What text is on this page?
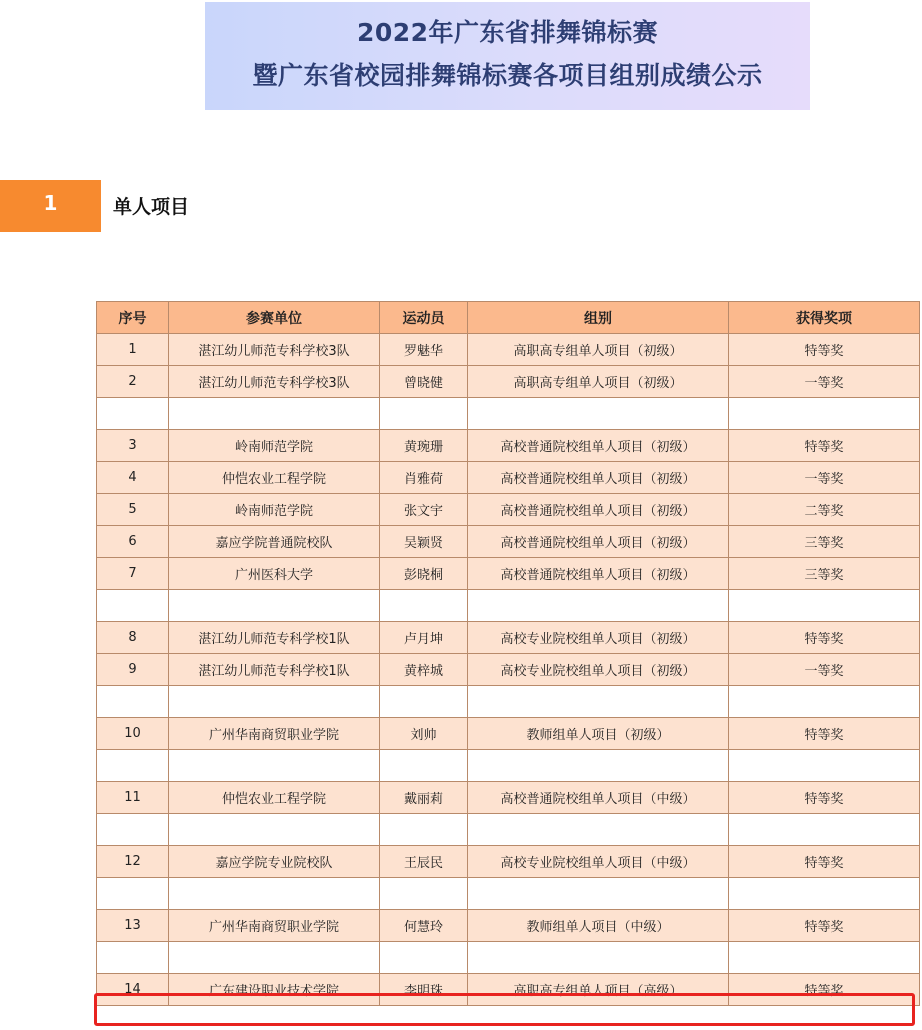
2022年广东省排舞锦标赛
暨广东省校园排舞锦标赛各项目组别成绩公示
1	单人项目
序号	参赛单位	运动员	组别	获得奖项
1	湛江幼儿师范专科学校3队	罗魅华	高职高专组单人项目（初级）	特等奖
2	湛江幼儿师范专科学校3队	曾晓健	高职高专组单人项目（初级）	一等奖

3	岭南师范学院	黄琬珊	高校普通院校组单人项目（初级）	特等奖
4	仲恺农业工程学院	肖雅荷	高校普通院校组单人项目（初级）	一等奖
5	岭南师范学院	张文宇	高校普通院校组单人项目（初级）	二等奖
6	嘉应学院普通院校队	吴颖贤	高校普通院校组单人项目（初级）	三等奖
7	广州医科大学	彭晓桐	高校普通院校组单人项目（初级）	三等奖

8	湛江幼儿师范专科学校1队	卢月坤	高校专业院校组单人项目（初级）	特等奖
9	湛江幼儿师范专科学校1队	黄梓城	高校专业院校组单人项目（初级）	一等奖

10	广州华南商贸职业学院	刘帅	教师组单人项目（初级）	特等奖

11	仲恺农业工程学院	戴丽莉	高校普通院校组单人项目（中级）	特等奖

12	嘉应学院专业院校队	王辰民	高校专业院校组单人项目（中级）	特等奖

13	广州华南商贸职业学院	何慧玲	教师组单人项目（中级）	特等奖

14	广东建设职业技术学院	李明珠	高职高专组单人项目（高级）	特等奖
